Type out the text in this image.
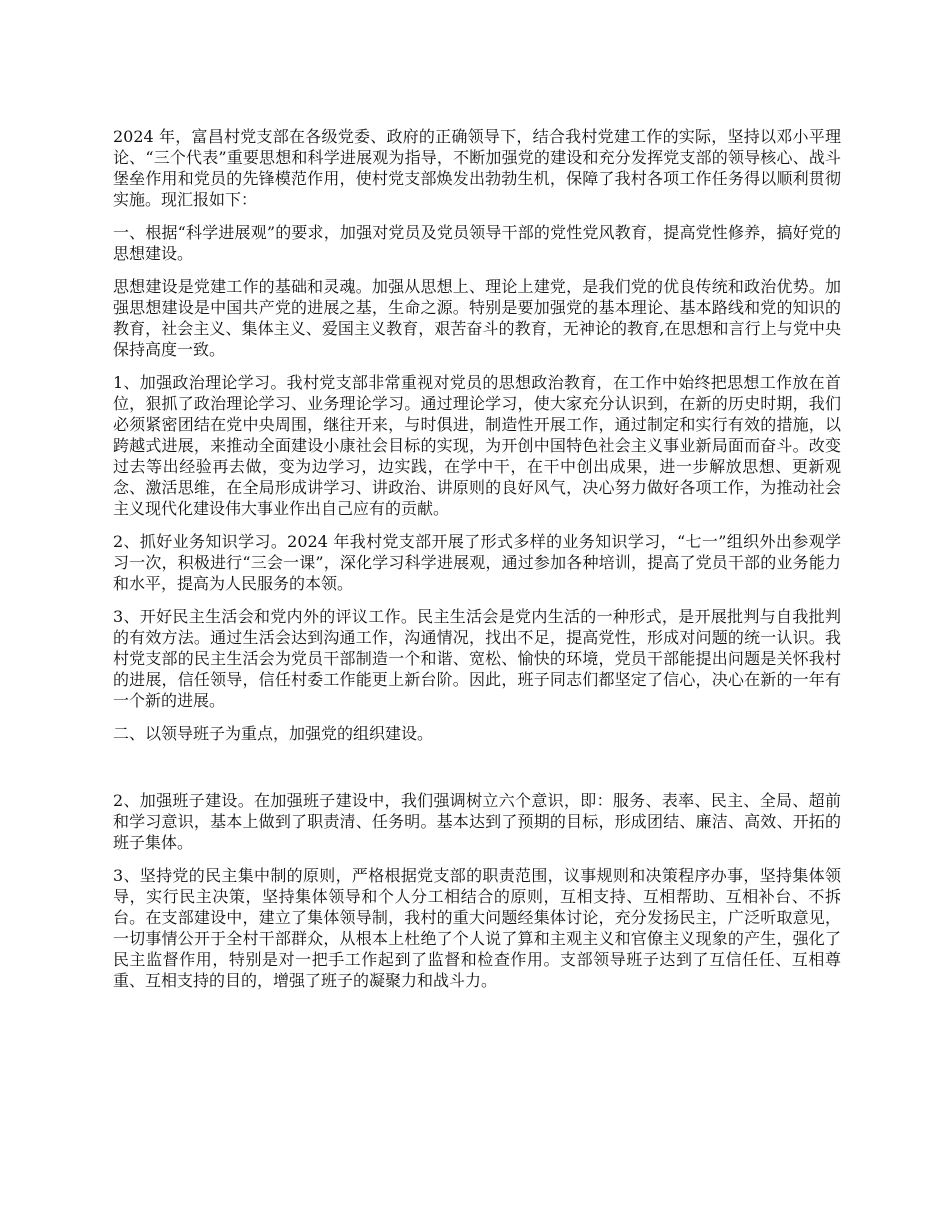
2024 年，富昌村党支部在各级党委、政府的正确领导下，结合我村党建工作的实际，坚持以邓小平理论、“三个代表”重要思想和科学进展观为指导，不断加强党的建设和充分发挥党支部的领导核心、战斗堡垒作用和党员的先锋模范作用，使村党支部焕发出勃勃生机，保障了我村各项工作任务得以顺利贯彻实施。现汇报如下：

一、根据“科学进展观”的要求，加强对党员及党员领导干部的党性党风教育，提高党性修养，搞好党的思想建设。

思想建设是党建工作的基础和灵魂。加强从思想上、理论上建党，是我们党的优良传统和政治优势。加强思想建设是中国共产党的进展之基，生命之源。特别是要加强党的基本理论、基本路线和党的知识的教育，社会主义、集体主义、爱国主义教育，艰苦奋斗的教育，无神论的教育,在思想和言行上与党中央保持高度一致。

1、加强政治理论学习。我村党支部非常重视对党员的思想政治教育，在工作中始终把思想工作放在首位，狠抓了政治理论学习、业务理论学习。通过理论学习，使大家充分认识到，在新的历史时期，我们必须紧密团结在党中央周围，继往开来，与时俱进，制造性开展工作，通过制定和实行有效的措施，以跨越式进展，来推动全面建设小康社会目标的实现，为开创中国特色社会主义事业新局面而奋斗。改变过去等出经验再去做，变为边学习，边实践，在学中干，在干中创出成果，进一步解放思想、更新观念、激活思维，在全局形成讲学习、讲政治、讲原则的良好风气，决心努力做好各项工作，为推动社会主义现代化建设伟大事业作出自己应有的贡献。

2、抓好业务知识学习。2024 年我村党支部开展了形式多样的业务知识学习，“七一”组织外出参观学习一次，积极进行“三会一课”，深化学习科学进展观，通过参加各种培训，提高了党员干部的业务能力和水平，提高为人民服务的本领。

3、开好民主生活会和党内外的评议工作。民主生活会是党内生活的一种形式，是开展批判与自我批判的有效方法。通过生活会达到沟通工作，沟通情况，找出不足，提高党性，形成对问题的统一认识。我村党支部的民主生活会为党员干部制造一个和谐、宽松、愉快的环境，党员干部能提出问题是关怀我村的进展，信任领导，信任村委工作能更上新台阶。因此，班子同志们都坚定了信心，决心在新的一年有一个新的进展。

二、以领导班子为重点，加强党的组织建设。

2、加强班子建设。在加强班子建设中，我们强调树立六个意识，即：服务、表率、民主、全局、超前和学习意识，基本上做到了职责清、任务明。基本达到了预期的目标，形成团结、廉洁、高效、开拓的班子集体。

3、坚持党的民主集中制的原则，严格根据党支部的职责范围，议事规则和决策程序办事，坚持集体领导，实行民主决策，坚持集体领导和个人分工相结合的原则，互相支持、互相帮助、互相补台、不拆台。在支部建设中，建立了集体领导制，我村的重大问题经集体讨论，充分发扬民主，广泛听取意见，一切事情公开于全村干部群众，从根本上杜绝了个人说了算和主观主义和官僚主义现象的产生，强化了民主监督作用，特别是对一把手工作起到了监督和检查作用。支部领导班子达到了互信任任、互相尊重、互相支持的目的，增强了班子的凝聚力和战斗力。
